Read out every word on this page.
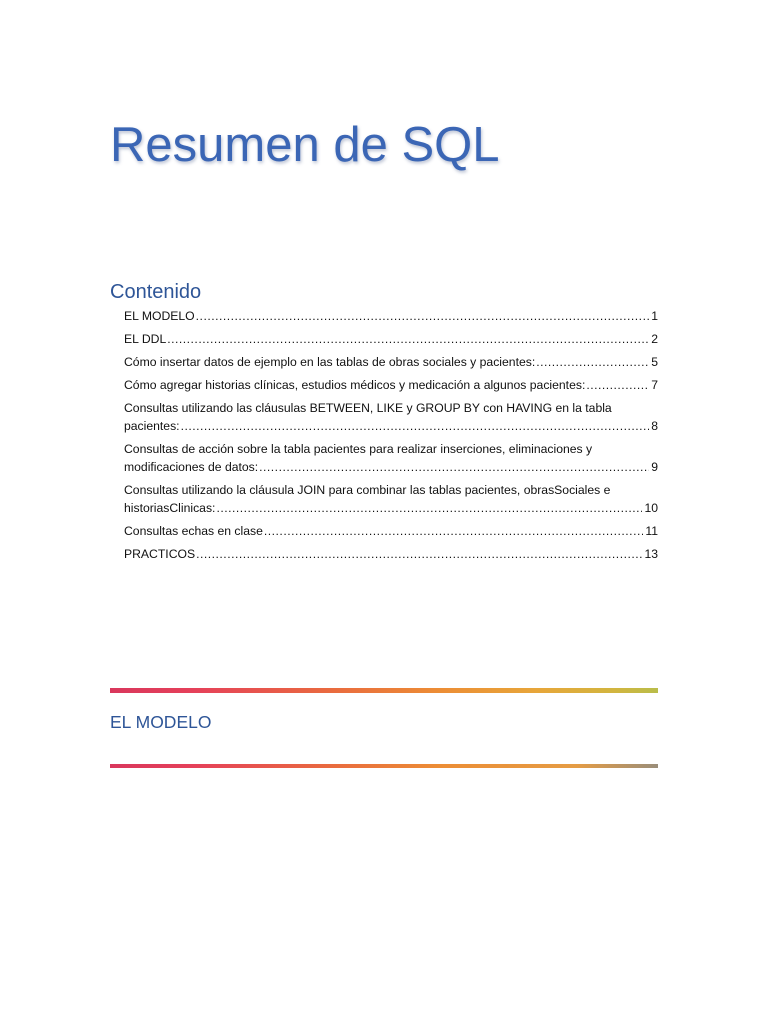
Resumen de SQL
Contenido
EL MODELO .....	1
EL DDL .....	2
Cómo insertar datos de ejemplo en las tablas de obras sociales y pacientes: .....	5
Cómo agregar historias clínicas, estudios médicos y medicación a algunos pacientes: .....	7
Consultas utilizando las cláusulas BETWEEN, LIKE y GROUP BY con HAVING en la tabla
pacientes: .....	8
Consultas de acción sobre la tabla pacientes para realizar inserciones, eliminaciones y
modificaciones de datos: .....	9
Consultas utilizando la cláusula JOIN para combinar las tablas pacientes, obrasSociales e
historiasClinicas: .....	10
Consultas echas en clase .....	11
PRACTICOS .....	13
EL MODELO
